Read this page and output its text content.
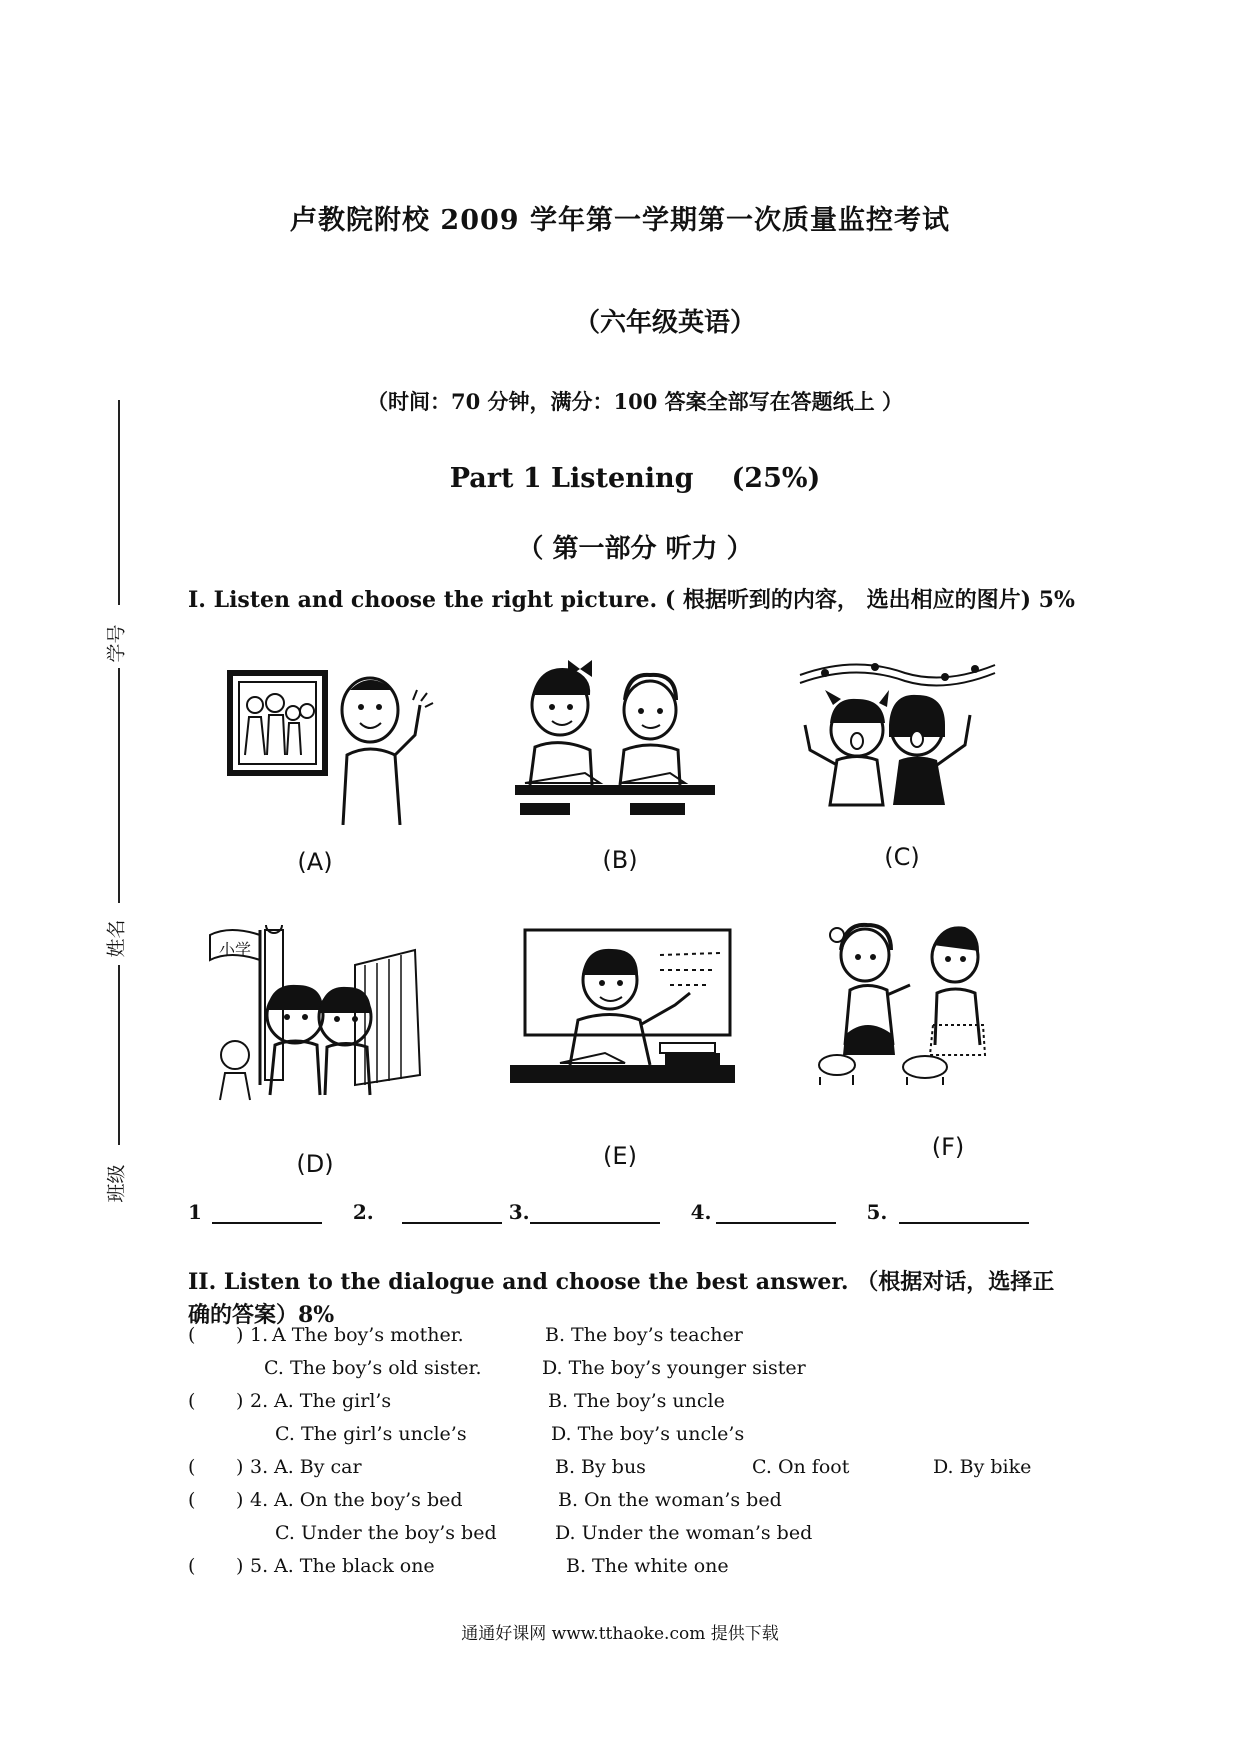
卢教院附校 2009 学年第一学期第一次质量监控考试
（六年级英语）
（时间：70 分钟，满分：100 答案全部写在答题纸上 ）
Part 1 Listening (25%)
（ 第一部分 听力 ）
学号
姓名
班级
I. Listen and choose the right picture. ( 根据听到的内容， 选出相应的图片) 5%
(A)	(B)	(C)
小学
(D)	(E)	(F)
1	2.	3.	4.	5.
II. Listen to the dialogue and choose the best answer. （根据对话，选择正确的答案）8%
( ) 1. A The boy’s mother.	B. The boy’s teacher
C. The boy’s old sister.	D. The boy’s younger sister
( ) 2. A. The girl’s	B. The boy’s uncle
C. The girl’s uncle’s	D. The boy’s uncle’s
( ) 3. A. By car	B. By bus	C. On foot	D. By bike
( ) 4. A. On the boy’s bed	B. On the woman’s bed
C. Under the boy’s bed	D. Under the woman’s bed
( ) 5. A. The black one	B. The white one
通通好课网 www.tthaoke.com 提供下载
